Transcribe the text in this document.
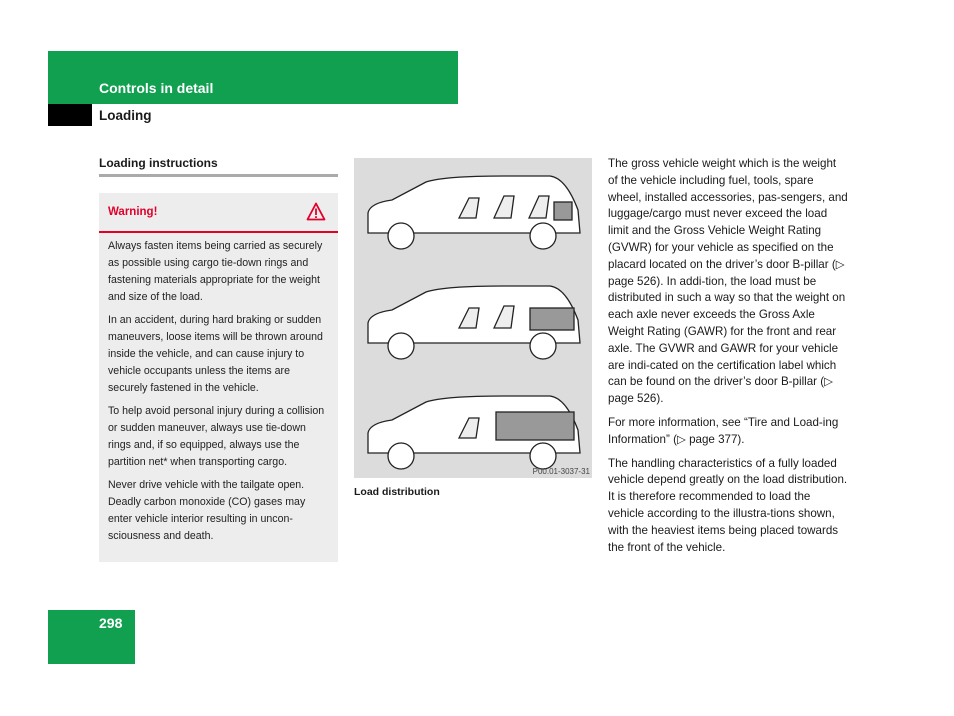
Controls in detail
Loading
Loading instructions
Warning!

Always fasten items being carried as securely as possible using cargo tie-down rings and fastening materials appropriate for the weight and size of the load.

In an accident, during hard braking or sudden maneuvers, loose items will be thrown around inside the vehicle, and can cause injury to vehicle occupants unless the items are securely fastened in the vehicle.

To help avoid personal injury during a collision or sudden maneuver, always use tie-down rings and, if so equipped, always use the partition net* when transporting cargo.

Never drive vehicle with the tailgate open. Deadly carbon monoxide (CO) gases may enter vehicle interior resulting in uncon-sciousness and death.

P00.01-3037-31
Load distribution

The gross vehicle weight which is the weight of the vehicle including fuel, tools, spare wheel, installed accessories, pas-sengers, and luggage/cargo must never exceed the load limit and the Gross Vehicle Weight Rating (GVWR) for your vehicle as specified on the placard located on the driver’s door B-pillar (▷ page 526). In addi-tion, the load must be distributed in such a way so that the weight on each axle never exceeds the Gross Axle Weight Rating (GAWR) for the front and rear axle. The GVWR and GAWR for your vehicle are indi-cated on the certification label which can be found on the driver’s door B-pillar (▷ page 526).

For more information, see “Tire and Load-ing Information” (▷ page 377).

The handling characteristics of a fully loaded vehicle depend greatly on the load distribution. It is therefore recommended to load the vehicle according to the illustra-tions shown, with the heaviest items being placed towards the front of the vehicle.

298
